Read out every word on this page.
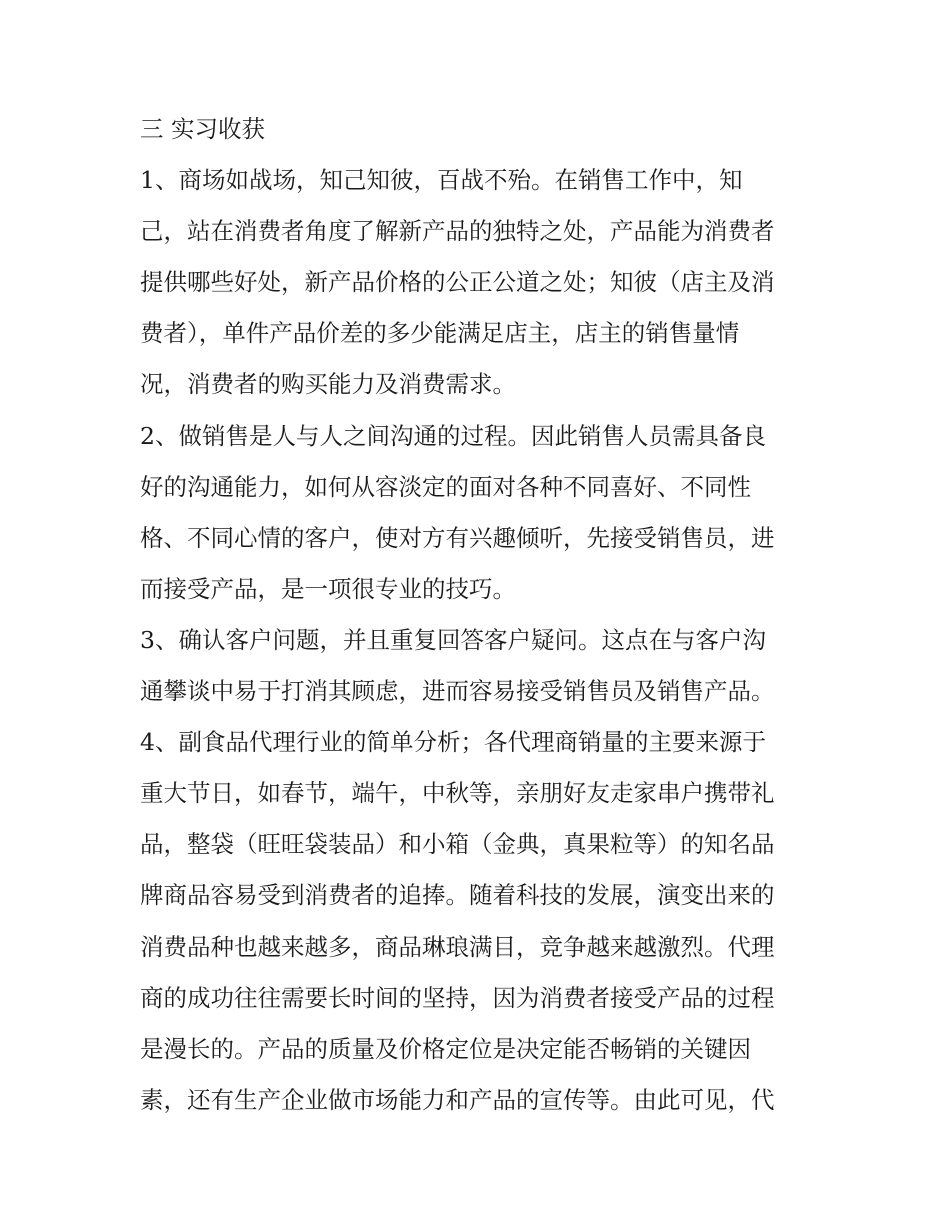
三 实习收获
1、商场如战场，知己知彼，百战不殆。在销售工作中，知
己，站在消费者角度了解新产品的独特之处，产品能为消费者
提供哪些好处，新产品价格的公正公道之处；知彼（店主及消
费者），单件产品价差的多少能满足店主，店主的销售量情
况，消费者的购买能力及消费需求。
2、做销售是人与人之间沟通的过程。因此销售人员需具备良
好的沟通能力，如何从容淡定的面对各种不同喜好、不同性
格、不同心情的客户，使对方有兴趣倾听，先接受销售员，进
而接受产品，是一项很专业的技巧。
3、确认客户问题，并且重复回答客户疑问。这点在与客户沟
通攀谈中易于打消其顾虑，进而容易接受销售员及销售产品。
4、副食品代理行业的简单分析；各代理商销量的主要来源于
重大节日，如春节，端午，中秋等，亲朋好友走家串户携带礼
品，整袋（旺旺袋装品）和小箱（金典，真果粒等）的知名品
牌商品容易受到消费者的追捧。随着科技的发展，演变出来的
消费品种也越来越多，商品琳琅满目，竞争越来越激烈。代理
商的成功往往需要长时间的坚持，因为消费者接受产品的过程
是漫长的。产品的质量及价格定位是决定能否畅销的关键因
素，还有生产企业做市场能力和产品的宣传等。由此可见，代
